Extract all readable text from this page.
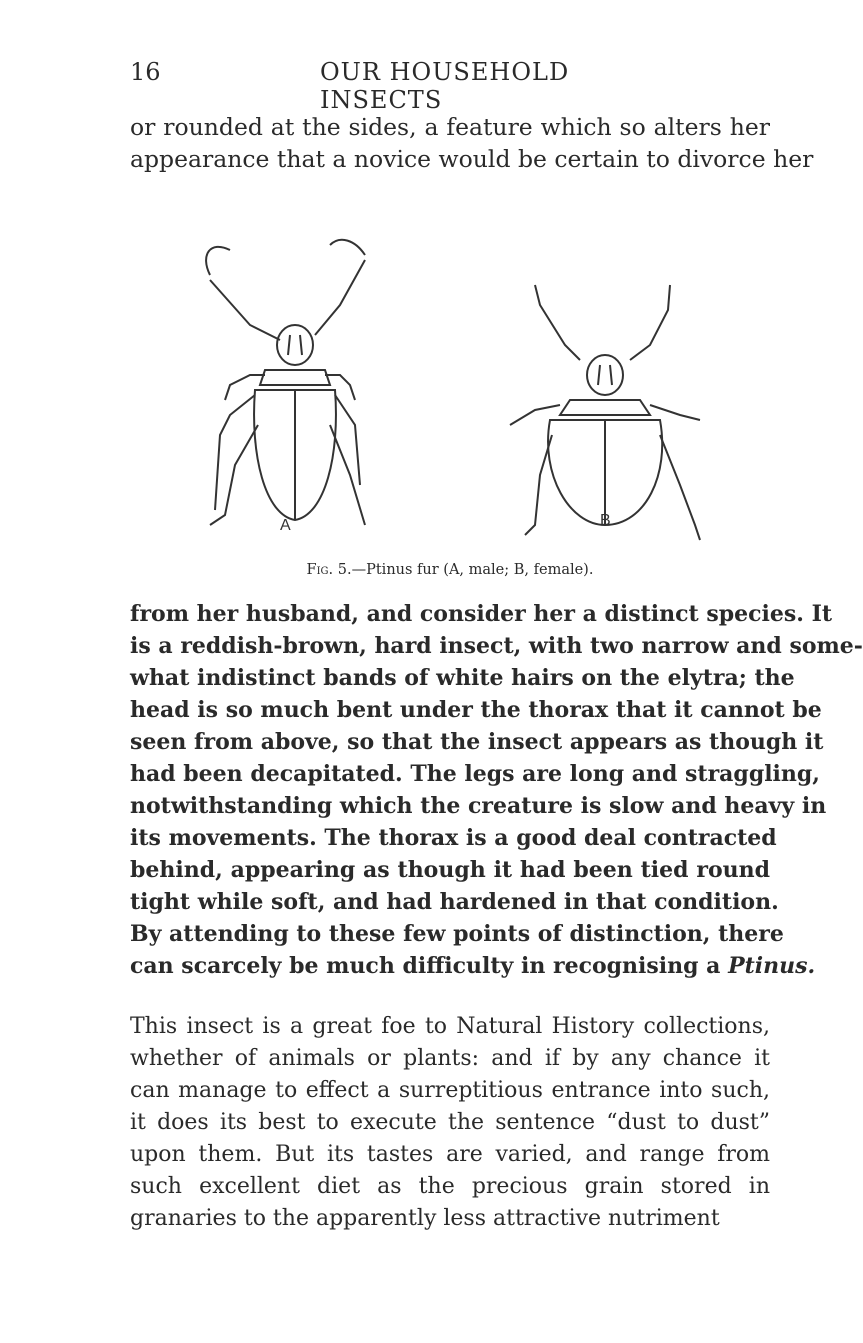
16	OUR HOUSEHOLD INSECTS

or rounded at the sides, a feature which so alters her
appearance that a novice would be certain to divorce her

A	B
Fig. 5.—Ptinus fur (A, male; B, female).

from her husband, and consider her a distinct species. It
is a reddish-brown, hard insect, with two narrow and some-
what indistinct bands of white hairs on the elytra; the
head is so much bent under the thorax that it cannot be
seen from above, so that the insect appears as though it
had been decapitated. The legs are long and straggling,
notwithstanding which the creature is slow and heavy in
its movements. The thorax is a good deal contracted
behind, appearing as though it had been tied round
tight while soft, and had hardened in that condition.
By attending to these few points of distinction, there
can scarcely be much difficulty in recognising a Ptinus.

This insect is a great foe to Natural History collections,
whether of animals or plants: and if by any chance it
can manage to effect a surreptitious entrance into such,
it does its best to execute the sentence “dust to dust”
upon them. But its tastes are varied, and range from
such excellent diet as the precious grain stored in
granaries to the apparently less attractive nutriment
